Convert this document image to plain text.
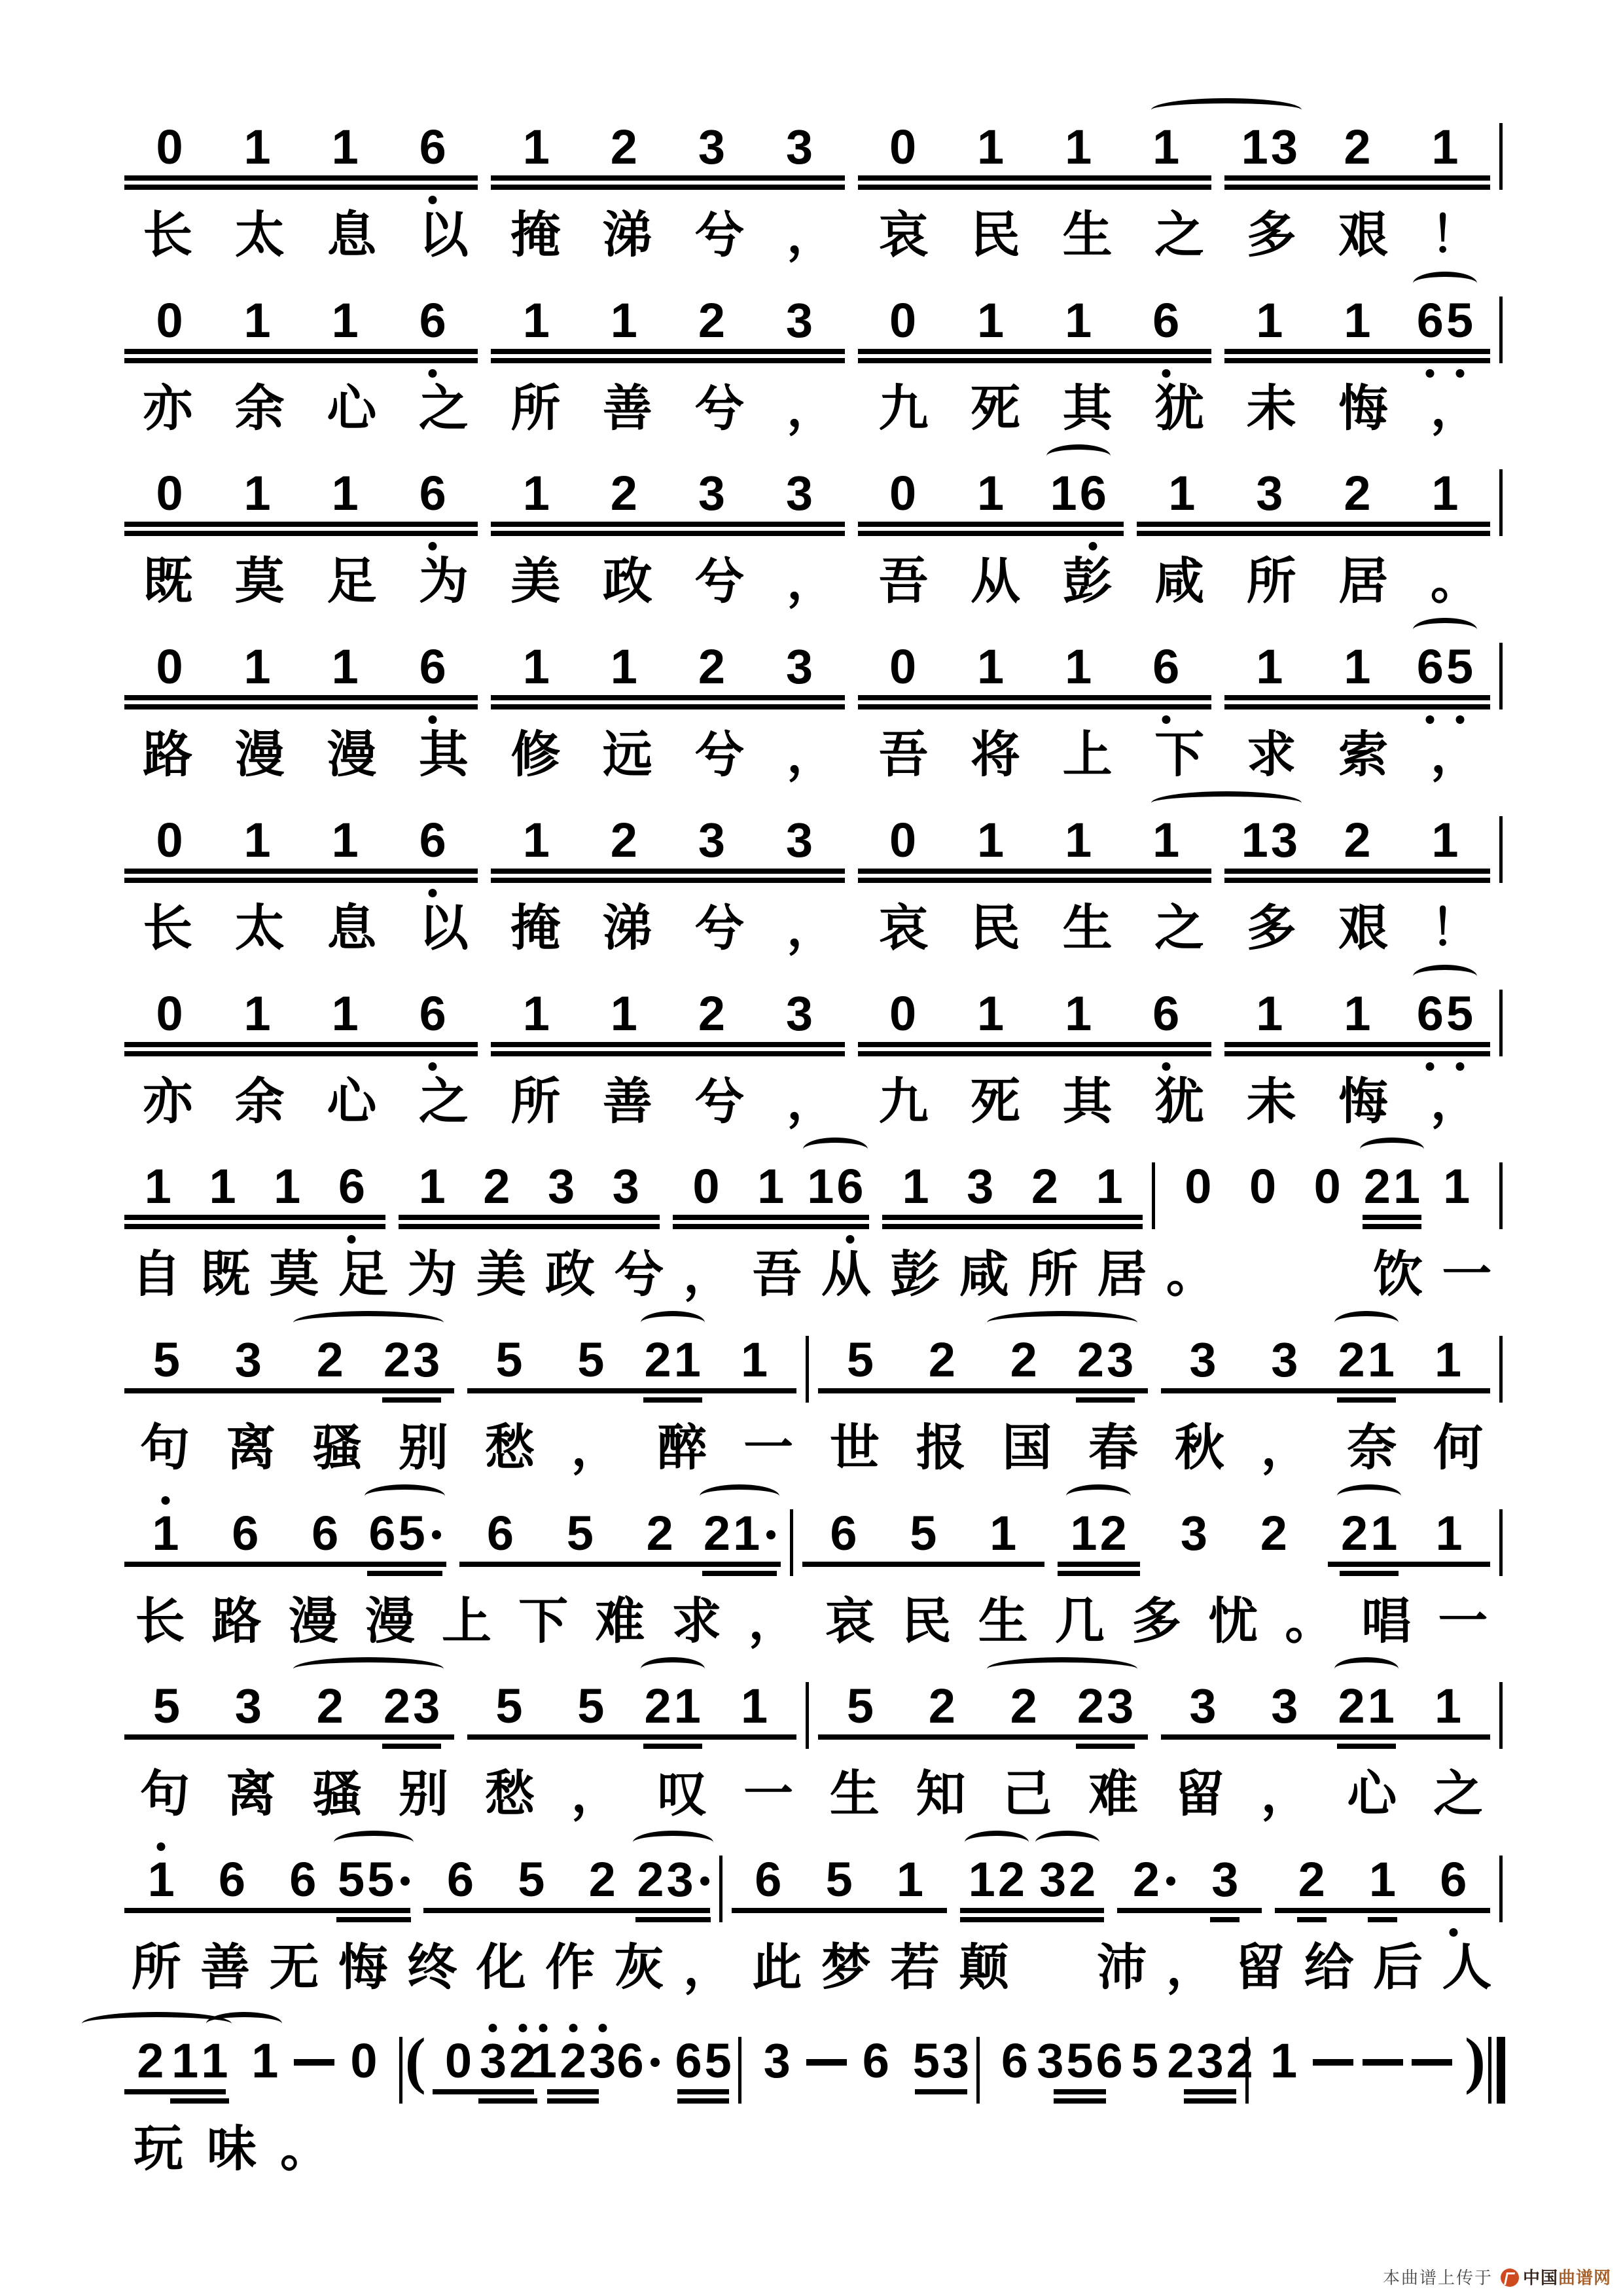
0 1 1 6 1 2 3 3 0 1 1 1 1 3 2 1
长 太 息 以 掩 涕 兮 ， 哀 民 生 之 多 艰 ！
0 1 1 6 1 1 2 3 0 1 1 6 1 1 6 5
亦 余 心 之 所 善 兮 ， 九 死 其 犹 未 悔 ，
0 1 1 6 1 2 3 3 0 1 1 6 1 3 2 1
既 莫 足 为 美 政 兮 ， 吾 从 彭 咸 所 居 。
0 1 1 6 1 1 2 3 0 1 1 6 1 1 6 5
路 漫 漫 其 修 远 兮 ， 吾 将 上 下 求 索 ，
0 1 1 6 1 2 3 3 0 1 1 1 1 3 2 1
长 太 息 以 掩 涕 兮 ， 哀 民 生 之 多 艰 ！
0 1 1 6 1 1 2 3 0 1 1 6 1 1 6 5
亦 余 心 之 所 善 兮 ， 九 死 其 犹 未 悔 ，
1 1 1 6 1 2 3 3 0 1 1 6 1 3 2 1 0 0 0 2 1 1
自 既 莫 足 为 美 政 兮 ， 吾 从 彭 咸 所 居 。

　	饮 一
5 3 2 2 3 5 5 2 1 1 5 2 2 2 3 3 3 2 1 1
句 离 骚 别 愁 ， 醉 一 世 报 国 春 秋 ， 奈 何
1 6 6 6 5 6 5 2 2 1 6 5 1 1 2 3 2 2 1 1
长 路 漫 漫 上 下 难 求 ， 哀 民 生 几 多 忧 。 唱 一
5 3 2 2 3 5 5 2 1 1 5 2 2 2 3 3 3 2 1 1
句 离 骚 别 愁 ， 叹 一 生 知 己 难 留 ， 心 之
1 6 6 5 5 6 5 2 2 3 6 5 1 1 2 3 2 2 3 2 1 6
所 善 无 悔 终 化 作 灰 ， 此 梦 若 颠
　 沛 ， 留 给 后 人
2 1 1 1 0 ( 0 3 2
1 2 3 6 6 5 3 6 5 3 6 3 5 6 5 2 3 2 1	)
玩 味 。
本曲谱上传于 中国 曲谱网
